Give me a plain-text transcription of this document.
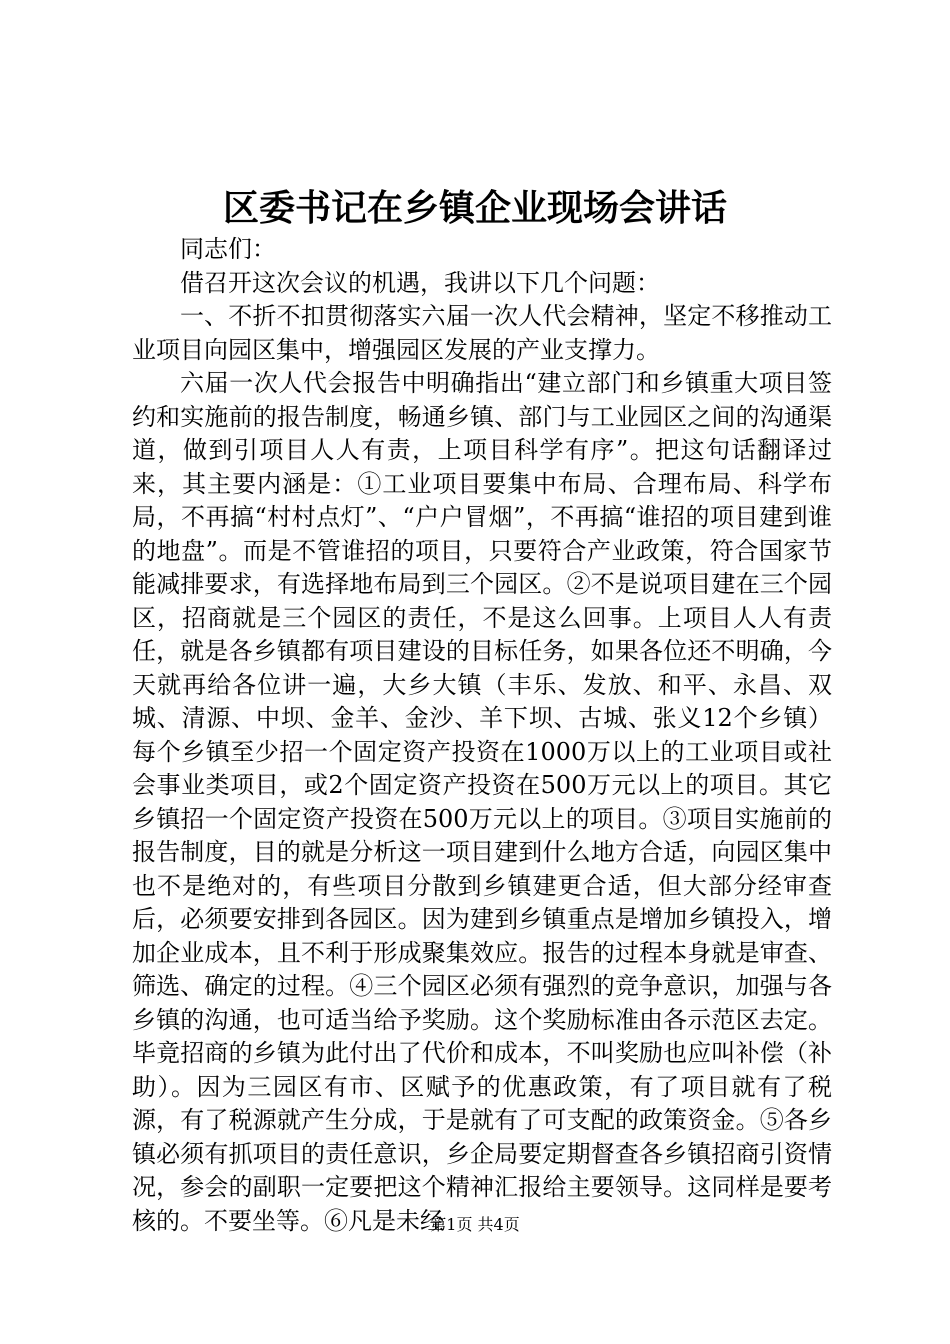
区委书记在乡镇企业现场会讲话

同志们：

借召开这次会议的机遇，我讲以下几个问题：

一、不折不扣贯彻落实六届一次人代会精神，坚定不移推动工业项目向园区集中，增强园区发展的产业支撑力。

六届一次人代会报告中明确指出“建立部门和乡镇重大项目签约和实施前的报告制度，畅通乡镇、部门与工业园区之间的沟通渠道，做到引项目人人有责，上项目科学有序”。把这句话翻译过来，其主要内涵是：①工业项目要集中布局、合理布局、科学布局，不再搞“村村点灯”、“户户冒烟”，不再搞“谁招的项目建到谁的地盘”。而是不管谁招的项目，只要符合产业政策，符合国家节能减排要求，有选择地布局到三个园区。②不是说项目建在三个园区，招商就是三个园区的责任，不是这么回事。上项目人人有责任，就是各乡镇都有项目建设的目标任务，如果各位还不明确，今天就再给各位讲一遍，大乡大镇（丰乐、发放、和平、永昌、双城、清源、中坝、金羊、金沙、羊下坝、古城、张义12个乡镇）每个乡镇至少招一个固定资产投资在1000万以上的工业项目或社会事业类项目，或2个固定资产投资在500万元以上的项目。其它乡镇招一个固定资产投资在500万元以上的项目。③项目实施前的报告制度，目的就是分析这一项目建到什么地方合适，向园区集中也不是绝对的，有些项目分散到乡镇建更合适，但大部分经审查后，必须要安排到各园区。因为建到乡镇重点是增加乡镇投入，增加企业成本，且不利于形成聚集效应。报告的过程本身就是审查、筛选、确定的过程。④三个园区必须有强烈的竞争意识，加强与各乡镇的沟通，也可适当给予奖励。这个奖励标准由各示范区去定。毕竟招商的乡镇为此付出了代价和成本，不叫奖励也应叫补偿（补助）。因为三园区有市、区赋予的优惠政策，有了项目就有了税源，有了税源就产生分成，于是就有了可支配的政策资金。⑤各乡镇必须有抓项目的责任意识，乡企局要定期督查各乡镇招商引资情况，参会的副职一定要把这个精神汇报给主要领导。这同样是要考核的。不要坐等。⑥凡是未经

第1页 共4页
